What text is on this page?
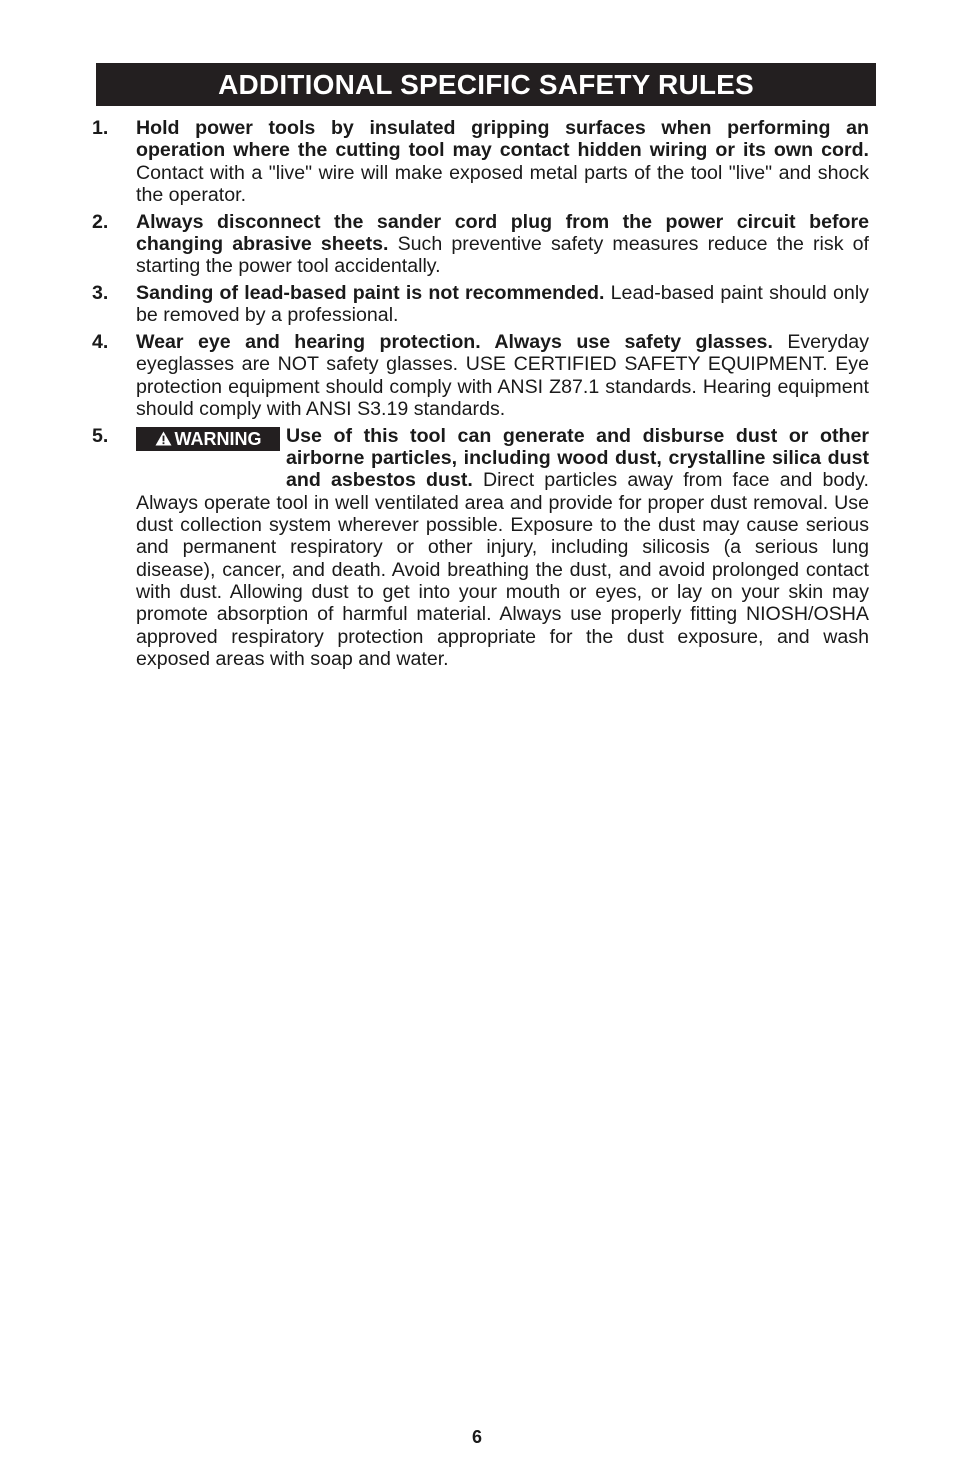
ADDITIONAL SPECIFIC SAFETY RULES
1. Hold power tools by insulated gripping surfaces when performing an operation where the cutting tool may contact hidden wiring or its own cord. Contact with a "live" wire will make exposed metal parts of the tool "live" and shock the operator.
2. Always disconnect the sander cord plug from the power circuit before changing abrasive sheets. Such preventive safety measures reduce the risk of starting the power tool accidentally.
3. Sanding of lead-based paint is not recommended. Lead-based paint should only be removed by a professional.
4. Wear eye and hearing protection. Always use safety glasses. Everyday eyeglasses are NOT safety glasses. USE CERTIFIED SAFETY EQUIPMENT. Eye protection equipment should comply with ANSI Z87.1 standards. Hearing equipment should comply with ANSI S3.19 standards.
5.	WARNING Use of this tool can generate and disburse dust or other airborne particles, including wood dust, crystalline silica dust and asbestos dust. Direct particles away from face and body. Always operate tool in well ventilated area and provide for proper dust removal. Use dust collection system wherever possible. Exposure to the dust may cause serious and permanent respiratory or other injury, including silicosis (a serious lung disease), cancer, and death. Avoid breathing the dust, and avoid prolonged contact with dust. Allowing dust to get into your mouth or eyes, or lay on your skin may promote absorption of harmful material. Always use properly fitting NIOSH/OSHA approved respiratory protection appropriate for the dust exposure, and wash exposed areas with soap and water.
6
